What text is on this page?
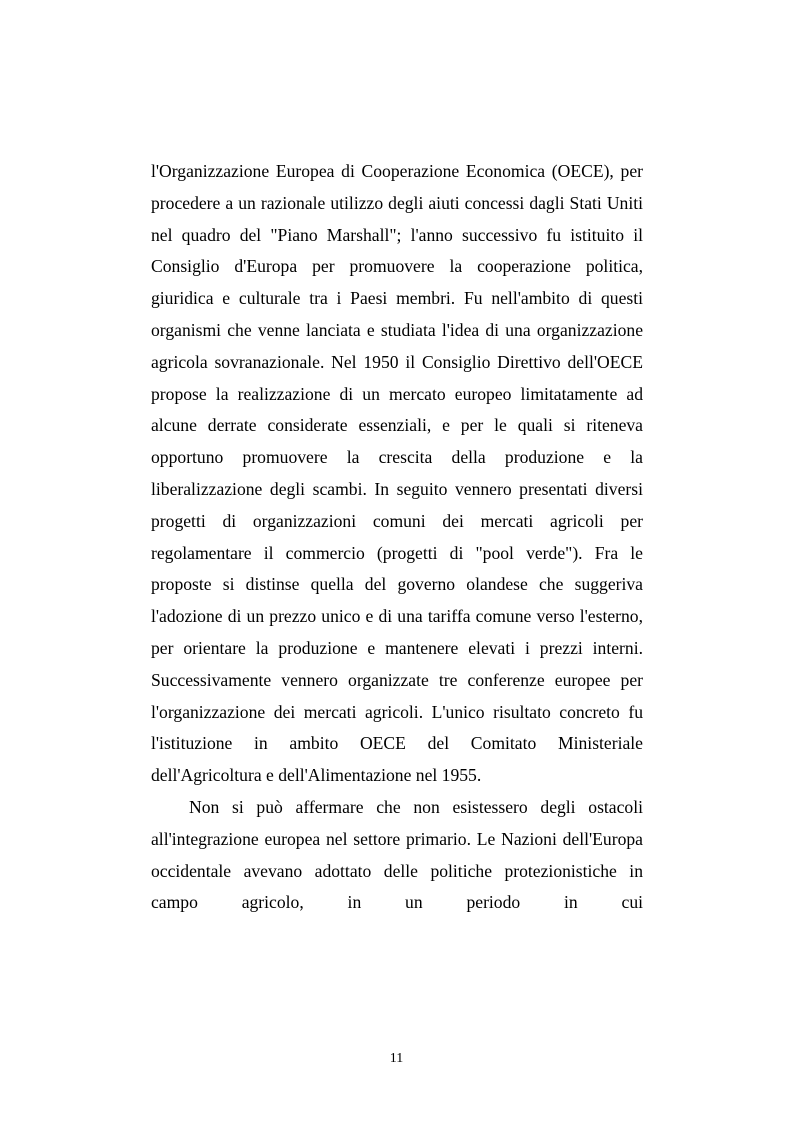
l'Organizzazione Europea di Cooperazione Economica (OECE), per procedere a un razionale utilizzo degli aiuti concessi dagli Stati Uniti nel quadro del "Piano Marshall"; l'anno successivo fu istituito il Consiglio d'Europa per promuovere la cooperazione politica, giuridica e culturale tra i Paesi membri. Fu nell'ambito di questi organismi che venne lanciata e studiata l'idea di una organizzazione agricola sovranazionale. Nel 1950 il Consiglio Direttivo dell'OECE propose la realizzazione di un mercato europeo limitatamente ad alcune derrate considerate essenziali, e per le quali si riteneva opportuno promuovere la crescita della produzione e la liberalizzazione degli scambi. In seguito vennero presentati diversi progetti di organizzazioni comuni dei mercati agricoli per regolamentare il commercio (progetti di "pool verde"). Fra le proposte si distinse quella del governo olandese che suggeriva l'adozione di un prezzo unico e di una tariffa comune verso l'esterno, per orientare la produzione e mantenere elevati i prezzi interni. Successivamente vennero organizzate tre conferenze europee per l'organizzazione dei mercati agricoli. L'unico risultato concreto fu l'istituzione in ambito OECE del Comitato Ministeriale dell'Agricoltura e dell'Alimentazione nel 1955.

Non si può affermare che non esistessero degli ostacoli all'integrazione europea nel settore primario. Le Nazioni dell'Europa occidentale avevano adottato delle politiche protezionistiche in campo agricolo, in un periodo in cui

11
